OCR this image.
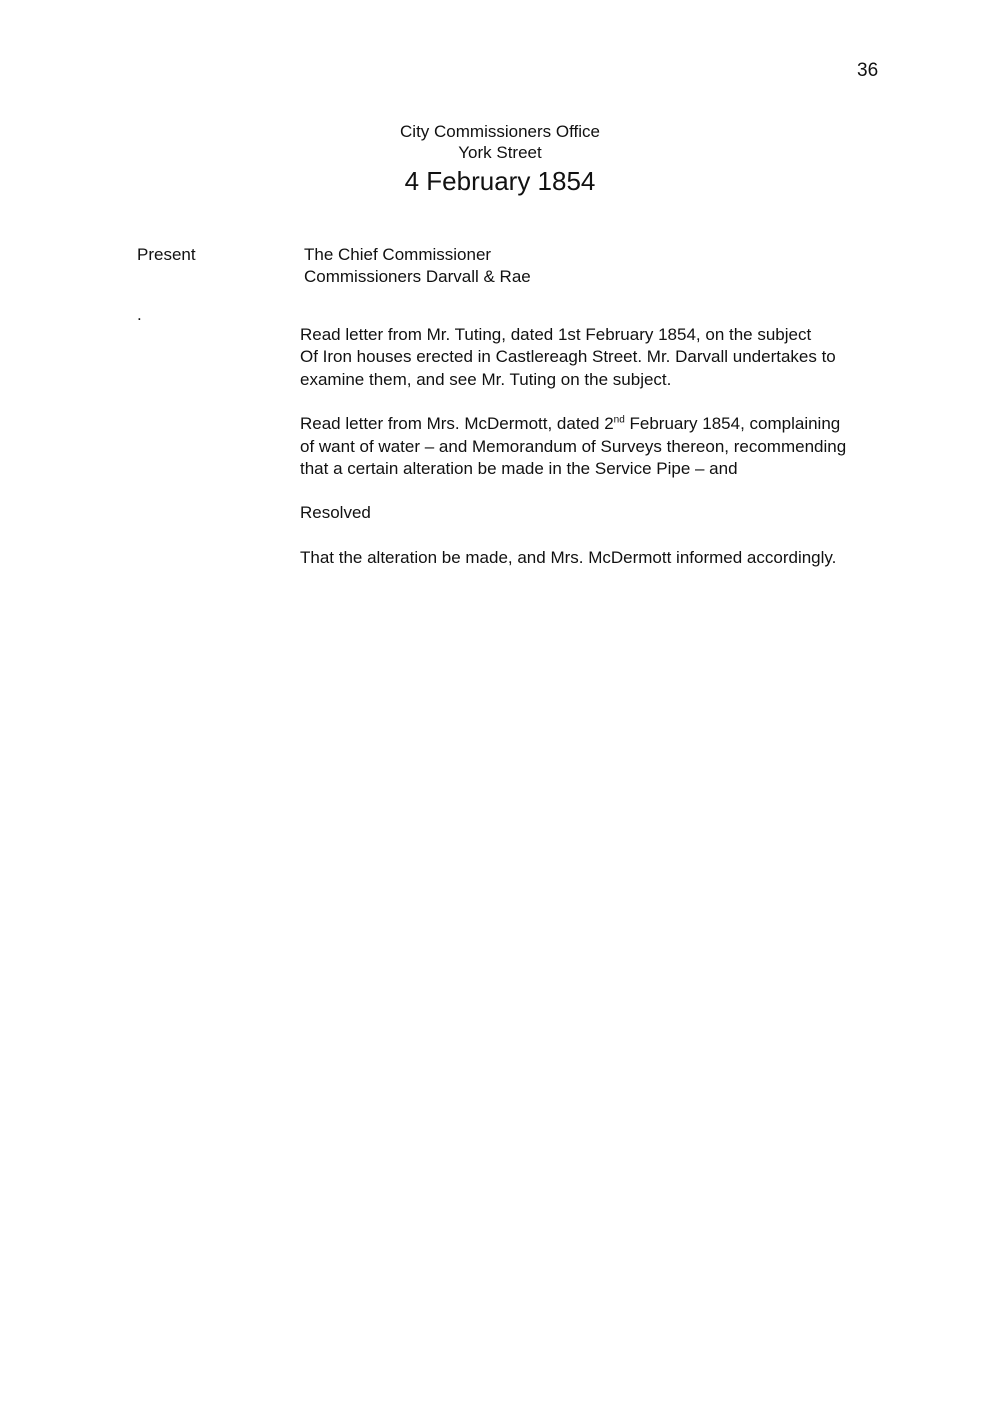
36
City Commissioners Office
York Street
4 February 1854
Present	The Chief Commissioner
Commissioners Darvall & Rae
.

Read letter from Mr. Tuting, dated 1st February 1854, on the subject
Of Iron houses erected in Castlereagh Street. Mr. Darvall undertakes to
examine them, and see Mr. Tuting on the subject.

Read letter from Mrs. McDermott, dated 2nd February 1854, complaining
of want of water – and Memorandum of Surveys thereon, recommending
that a certain alteration be made in the Service Pipe – and

Resolved

That the alteration be made, and Mrs. McDermott informed accordingly.
